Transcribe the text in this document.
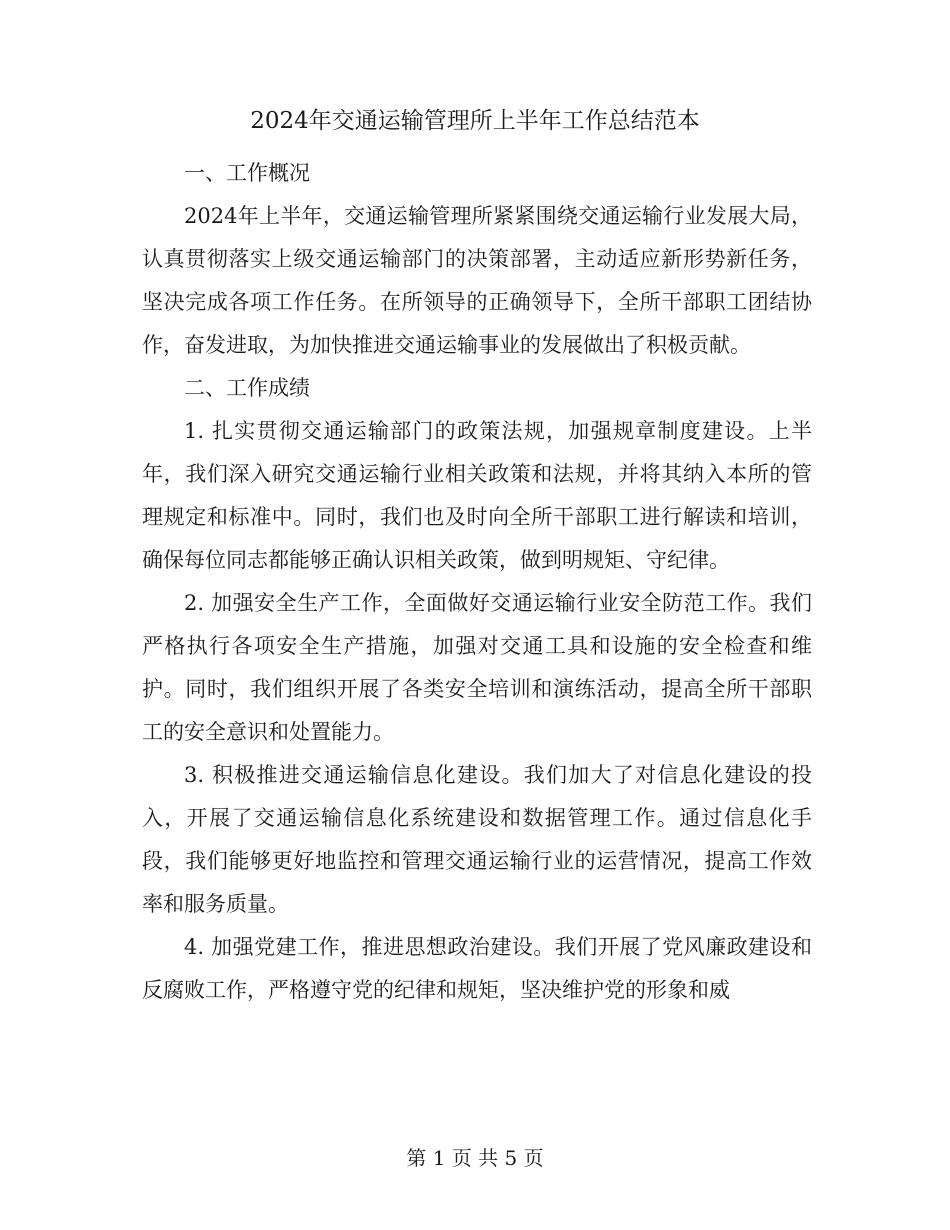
2024年交通运输管理所上半年工作总结范本

一、工作概况

2024年上半年，交通运输管理所紧紧围绕交通运输行业发展大局，认真贯彻落实上级交通运输部门的决策部署，主动适应新形势新任务，坚决完成各项工作任务。在所领导的正确领导下，全所干部职工团结协作，奋发进取，为加快推进交通运输事业的发展做出了积极贡献。

二、工作成绩

1. 扎实贯彻交通运输部门的政策法规，加强规章制度建设。上半年，我们深入研究交通运输行业相关政策和法规，并将其纳入本所的管理规定和标准中。同时，我们也及时向全所干部职工进行解读和培训，确保每位同志都能够正确认识相关政策，做到明规矩、守纪律。

2. 加强安全生产工作，全面做好交通运输行业安全防范工作。我们严格执行各项安全生产措施，加强对交通工具和设施的安全检查和维护。同时，我们组织开展了各类安全培训和演练活动，提高全所干部职工的安全意识和处置能力。

3. 积极推进交通运输信息化建设。我们加大了对信息化建设的投入，开展了交通运输信息化系统建设和数据管理工作。通过信息化手段，我们能够更好地监控和管理交通运输行业的运营情况，提高工作效率和服务质量。

4. 加强党建工作，推进思想政治建设。我们开展了党风廉政建设和反腐败工作，严格遵守党的纪律和规矩，坚决维护党的形象和威

第 1 页 共 5 页
